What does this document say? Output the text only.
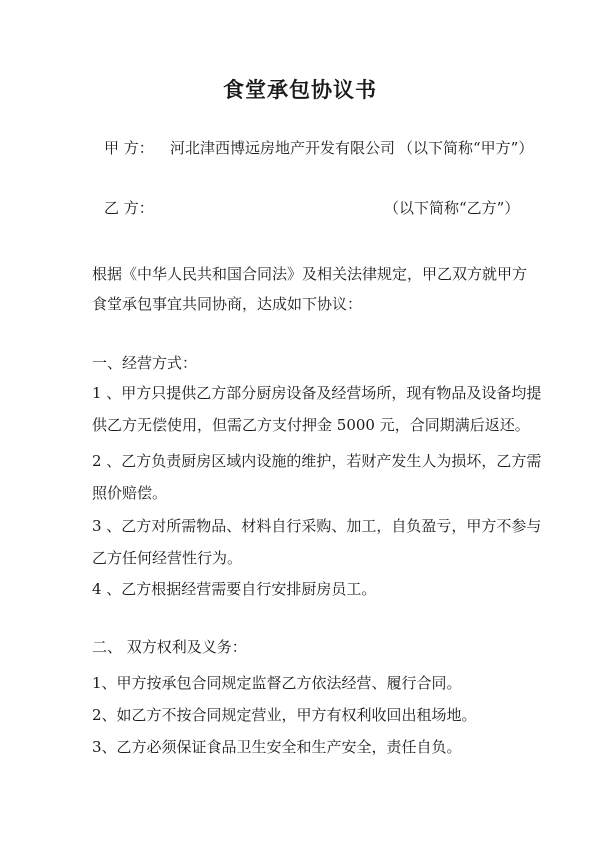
食堂承包协议书
甲 方： 河北津西博远房地产开发有限公司 （以下简称“甲方”）
乙 方：	（以下简称“乙方”）
根据《中华人民共和国合同法》及相关法律规定，甲乙双方就甲方
食堂承包事宜共同协商，达成如下协议：
一、经营方式：
1 、甲方只提供乙方部分厨房设备及经营场所，现有物品及设备均提
供乙方无偿使用，但需乙方支付押金 5000 元，合同期满后返还。
2 、乙方负责厨房区域内设施的维护，若财产发生人为损坏，乙方需
照价赔偿。
3 、乙方对所需物品、材料自行采购、加工，自负盈亏，甲方不参与
乙方任何经营性行为。
4 、乙方根据经营需要自行安排厨房员工。
二、 双方权利及义务：
1、甲方按承包合同规定监督乙方依法经营、履行合同。
2、如乙方不按合同规定营业，甲方有权利收回出租场地。
3、乙方必须保证食品卫生安全和生产安全，责任自负。
